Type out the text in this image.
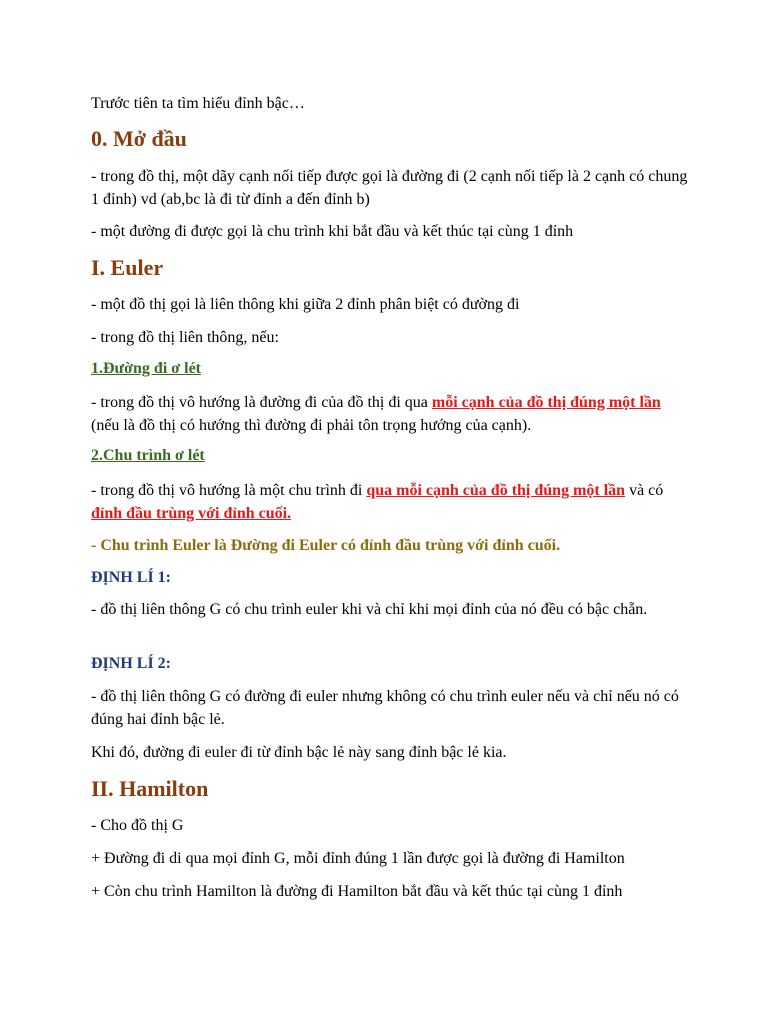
Trước tiên ta tìm hiểu đỉnh bậc…

0. Mở đầu

- trong đồ thị, một dãy cạnh nối tiếp được gọi là đường đi (2 cạnh nối tiếp là 2 cạnh có chung 1 đỉnh) vd (ab,bc là đi từ đỉnh a đến đỉnh b)

- một đường đi được gọi là chu trình khi bắt đầu và kết thúc tại cùng 1 đỉnh

I. Euler

- một đồ thị gọi là liên thông khi giữa 2 đỉnh phân biệt có đường đi

- trong đồ thị liên thông, nếu:

1.Đường đi ơ lét

- trong đồ thị vô hướng là đường đi của đồ thị đi qua mỗi cạnh của đồ thị đúng một lần (nếu là đồ thị có hướng thì đường đi phải tôn trọng hướng của cạnh).

2.Chu trình ơ lét

- trong đồ thị vô hướng là một chu trình đi qua mỗi cạnh của đồ thị đúng một lần và có đỉnh đầu trùng với đỉnh cuối.

- Chu trình Euler là Đường đi Euler có đỉnh đầu trùng với đỉnh cuối.

ĐỊNH LÍ 1:

- đồ thị liên thông G có chu trình euler khi và chỉ khi mọi đỉnh của nó đều có bậc chẵn.

ĐỊNH LÍ 2:

- đồ thị liên thông G có đường đi euler nhưng không có chu trình euler nếu và chỉ nếu nó có đúng hai đỉnh bậc lẻ.

Khi đó, đường đi euler đi từ đỉnh bậc lẻ này sang đỉnh bậc lẻ kia.

II. Hamilton

- Cho đồ thị G

+ Đường đi di qua mọi đỉnh G, mỗi đỉnh đúng 1 lần được gọi là đường đi Hamilton

+ Còn chu trình Hamilton là đường đi Hamilton bắt đầu và kết thúc tại cùng 1 đỉnh
